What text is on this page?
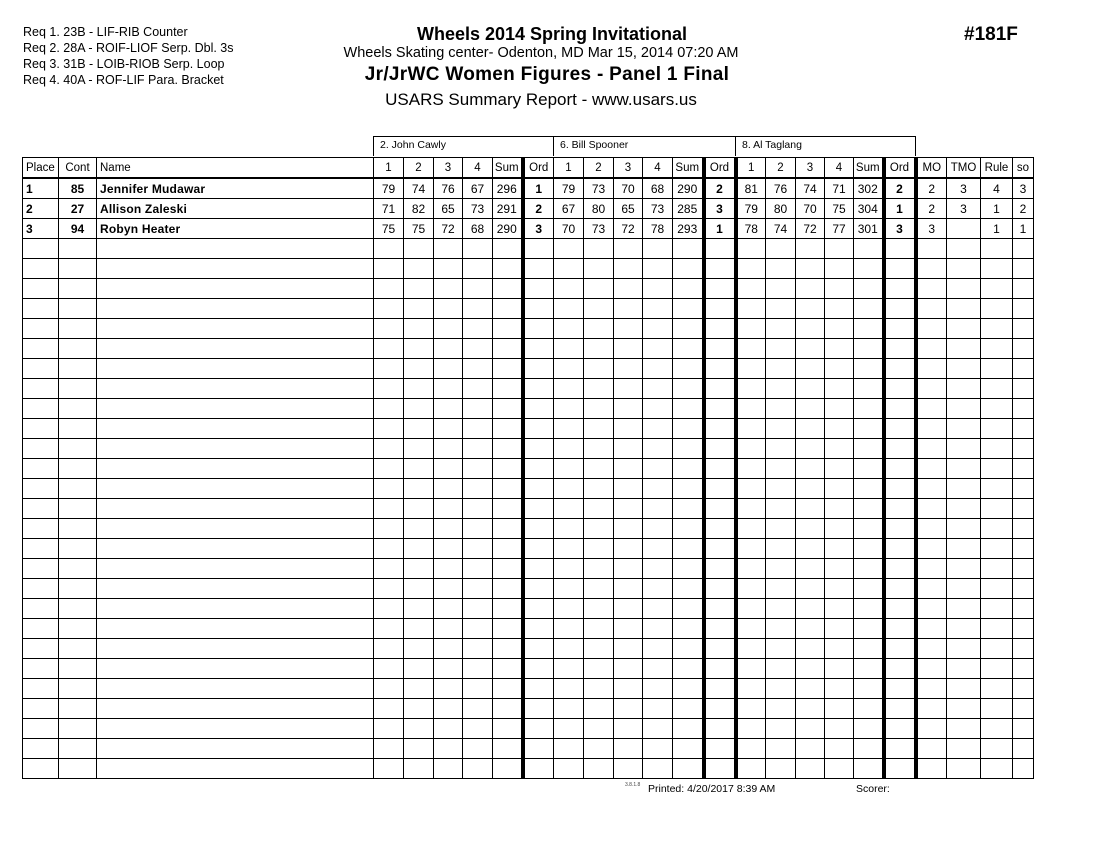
Req 1. 23B - LIF-RIB Counter
Req 2. 28A - ROIF-LIOF Serp. Dbl. 3s
Req 3. 31B - LOIB-RIOB Serp. Loop
Req 4. 40A - ROF-LIF Para. Bracket
Wheels 2014 Spring Invitational
Wheels Skating center- Odenton, MD Mar 15, 2014 07:20 AM
Jr/JrWC Women Figures - Panel 1 Final
USARS Summary Report - www.usars.us
#181F
2. John Cawly	6. Bill Spooner	8. Al Taglang
Place	Cont	Name	1	2	3	4	Sum	Ord	1	2	3	4	Sum	Ord	1	2	3	4	Sum	Ord	MO	TMO	Rule	so
1	85	Jennifer Mudawar	79	74	76	67	296	1	79	73	70	68	290	2	81	76	74	71	302	2	2	3	4	3
2	27	Allison Zaleski	71	82	65	73	291	2	67	80	65	73	285	3	79	80	70	75	304	1	2	3	1	2
3	94	Robyn Heater	75	75	72	68	290	3	70	73	72	78	293	1	78	74	72	77	301	3	3		1	1

3.8.1.8 Printed: 4/20/2017 8:39 AM	Scorer:
